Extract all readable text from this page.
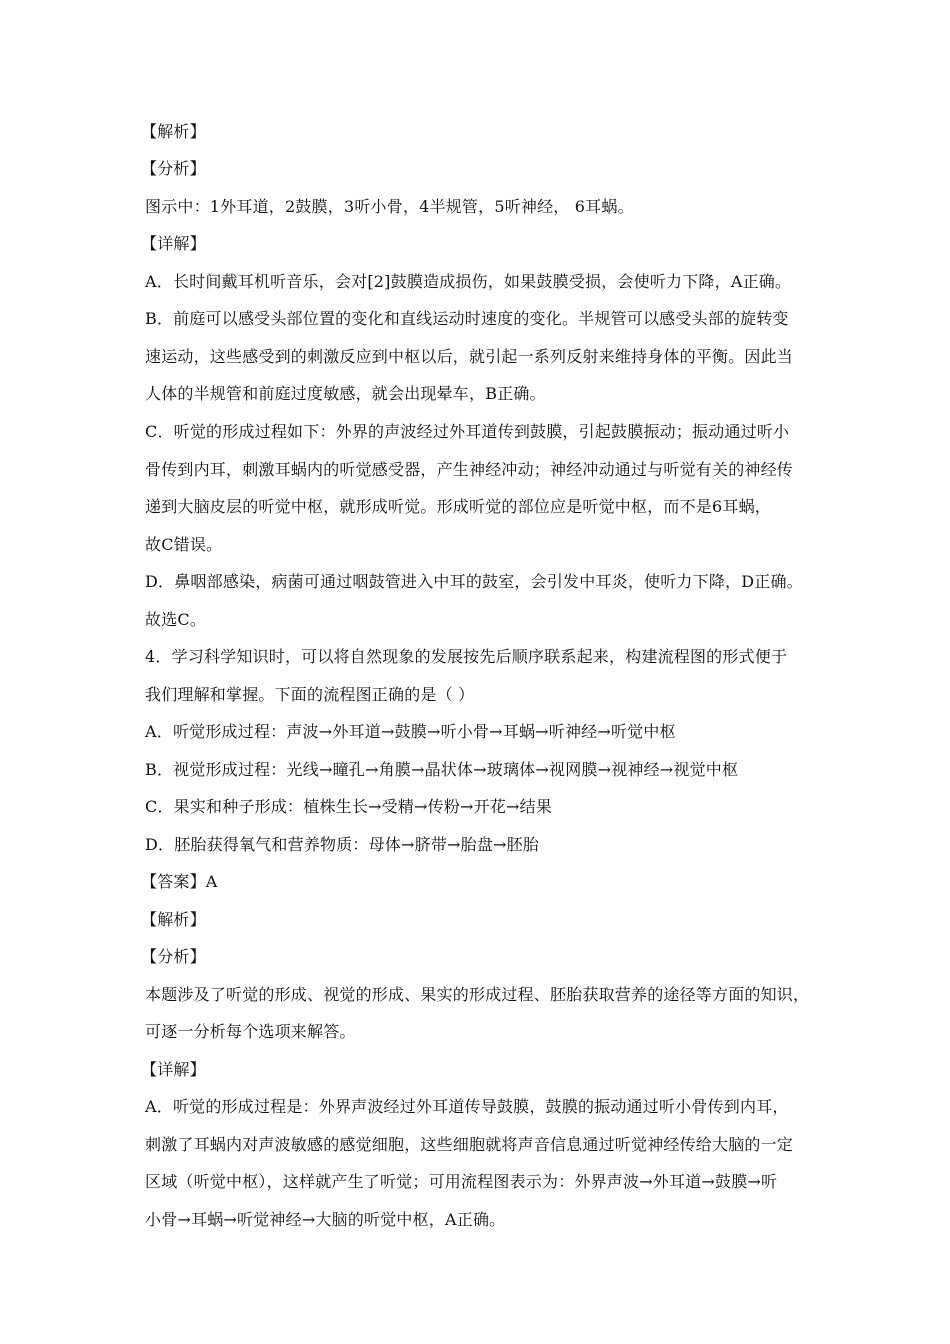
【解析】
【分析】
图示中：1外耳道，2鼓膜，3听小骨，4半规管，5听神经， 6耳蜗。
【详解】
A．长时间戴耳机听音乐，会对[2]鼓膜造成损伤，如果鼓膜受损，会使听力下降，A正确。
B．前庭可以感受头部位置的变化和直线运动时速度的变化。半规管可以感受头部的旋转变
速运动，这些感受到的刺激反应到中枢以后，就引起一系列反射来维持身体的平衡。因此当
人体的半规管和前庭过度敏感，就会出现晕车，B正确。
C．听觉的形成过程如下：外界的声波经过外耳道传到鼓膜，引起鼓膜振动；振动通过听小
骨传到内耳，刺激耳蜗内的听觉感受器，产生神经冲动；神经冲动通过与听觉有关的神经传
递到大脑皮层的听觉中枢，就形成听觉。形成听觉的部位应是听觉中枢，而不是6耳蜗，
故C错误。
D．鼻咽部感染，病菌可通过咽鼓管进入中耳的鼓室，会引发中耳炎，使听力下降，D正确。
故选C。
4．学习科学知识时，可以将自然现象的发展按先后顺序联系起来，构建流程图的形式便于
我们理解和掌握。下面的流程图正确的是（ ）
A．听觉形成过程：声波→外耳道→鼓膜→听小骨→耳蜗→听神经→听觉中枢
B．视觉形成过程：光线→瞳孔→角膜→晶状体→玻璃体→视网膜→视神经→视觉中枢
C．果实和种子形成：植株生长→受精→传粉→开花→结果
D．胚胎获得氧气和营养物质：母体→脐带→胎盘→胚胎
【答案】A
【解析】
【分析】
本题涉及了听觉的形成、视觉的形成、果实的形成过程、胚胎获取营养的途径等方面的知识，
可逐一分析每个选项来解答。
【详解】
A．听觉的形成过程是：外界声波经过外耳道传导鼓膜，鼓膜的振动通过听小骨传到内耳，
刺激了耳蜗内对声波敏感的感觉细胞，这些细胞就将声音信息通过听觉神经传给大脑的一定
区域（听觉中枢），这样就产生了听觉；可用流程图表示为：外界声波→外耳道→鼓膜→听
小骨→耳蜗→听觉神经→大脑的听觉中枢，A正确。
